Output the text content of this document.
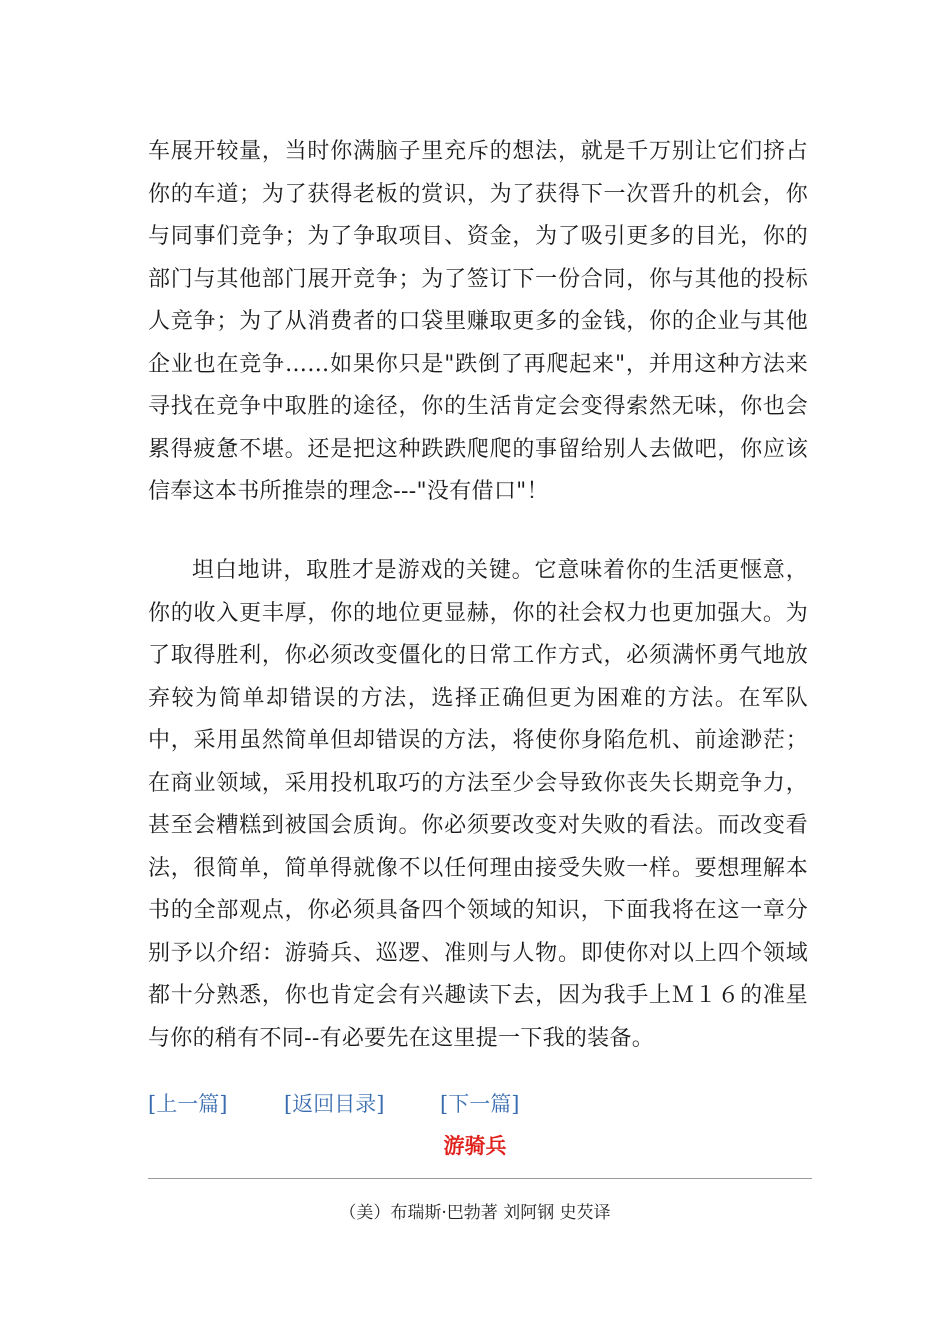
车展开较量，当时你满脑子里充斥的想法，就是千万别让它们挤占你的车道；为了获得老板的赏识，为了获得下一次晋升的机会，你与同事们竞争；为了争取项目、资金，为了吸引更多的目光，你的部门与其他部门展开竞争；为了签订下一份合同，你与其他的投标人竞争；为了从消费者的口袋里赚取更多的金钱，你的企业与其他企业也在竞争……如果你只是"跌倒了再爬起来"，并用这种方法来寻找在竞争中取胜的途径，你的生活肯定会变得索然无味，你也会累得疲惫不堪。还是把这种跌跌爬爬的事留给别人去做吧，你应该信奉这本书所推崇的理念---"没有借口"！

坦白地讲，取胜才是游戏的关键。它意味着你的生活更惬意，你的收入更丰厚，你的地位更显赫，你的社会权力也更加强大。为了取得胜利，你必须改变僵化的日常工作方式，必须满怀勇气地放弃较为简单却错误的方法，选择正确但更为困难的方法。在军队中，采用虽然简单但却错误的方法，将使你身陷危机、前途渺茫；在商业领域，采用投机取巧的方法至少会导致你丧失长期竞争力，甚至会糟糕到被国会质询。你必须要改变对失败的看法。而改变看法，很简单，简单得就像不以任何理由接受失败一样。要想理解本书的全部观点，你必须具备四个领域的知识，下面我将在这一章分别予以介绍：游骑兵、巡逻、准则与人物。即使你对以上四个领域都十分熟悉，你也肯定会有兴趣读下去，因为我手上Ｍ１６的准星与你的稍有不同--有必要先在这里提一下我的装备。

[上一篇]	[返回目录]	[下一篇]
游骑兵
（美）布瑞斯·巴勃著 刘阿钢 史芡译
